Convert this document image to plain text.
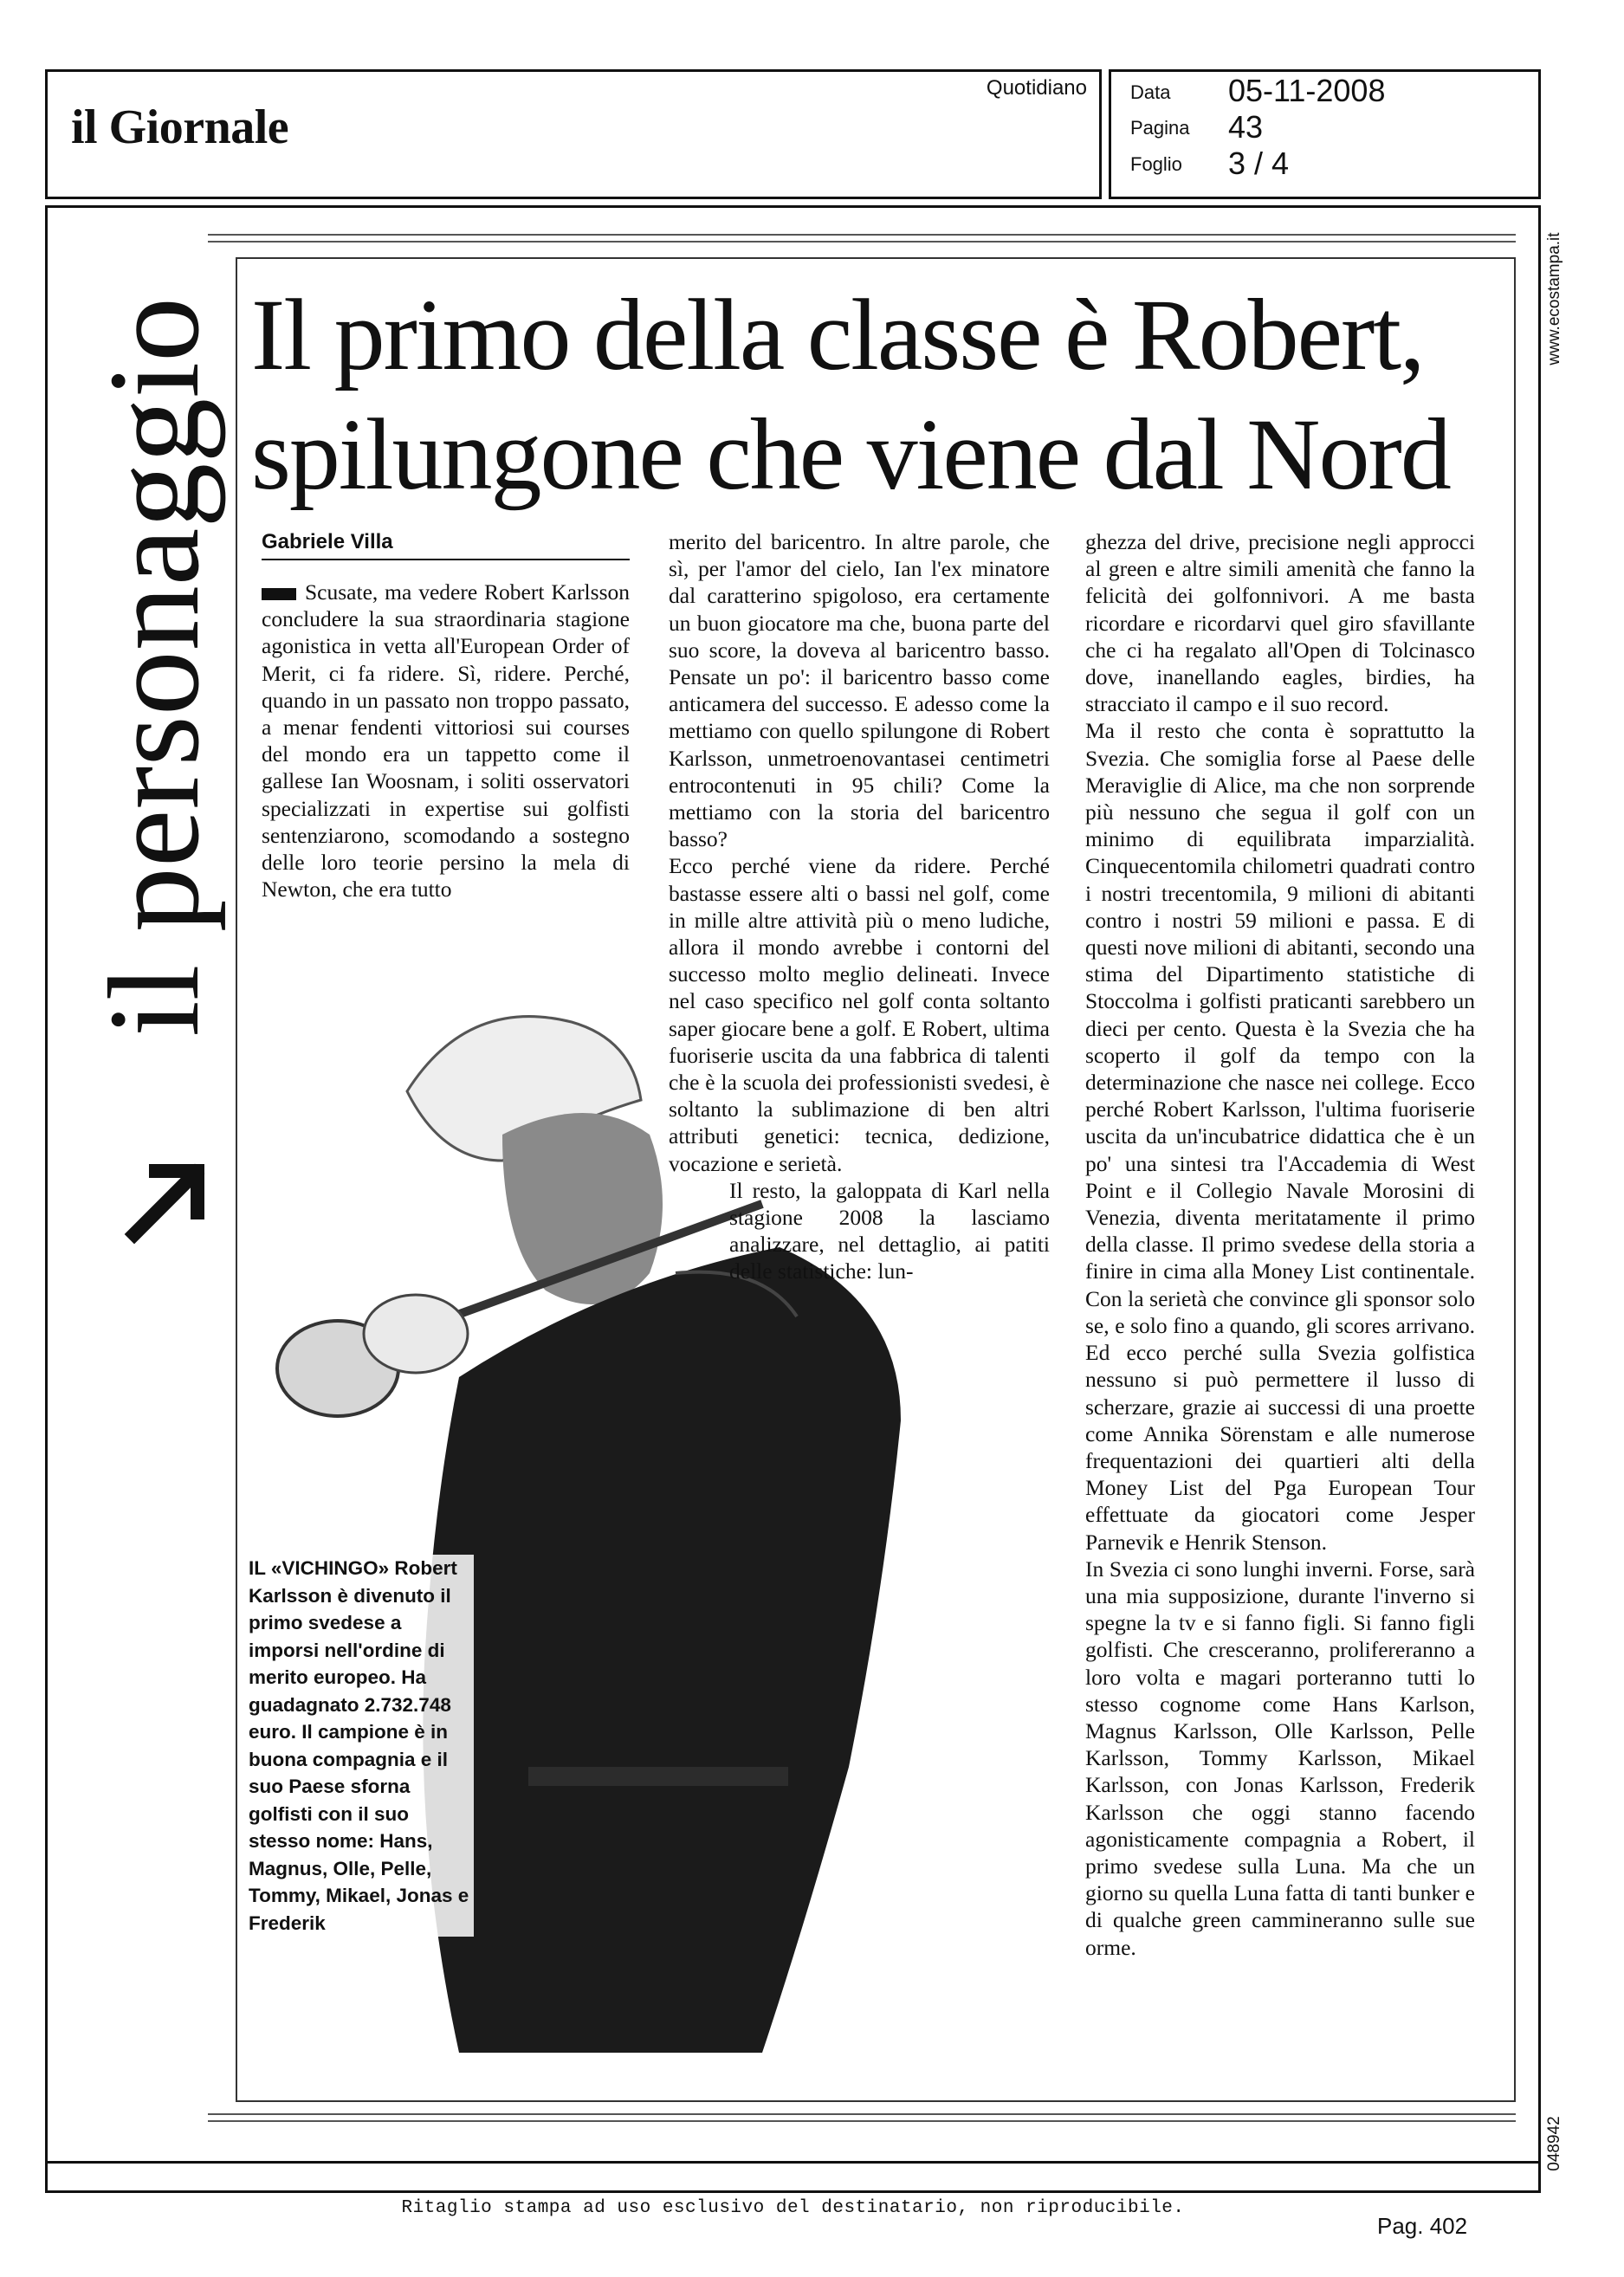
il Giornale
Quotidiano Data 05-11-2008
Pagina 43
Foglio 3 / 4
il personaggio	www.ecostampa.it
048942
Il primo della classe è Robert,
spilungone che viene dal Nord
Gabriele Villa

Scusate, ma vedere Robert Karlsson concludere la sua straordinaria stagione agonistica in vetta all'European Order of Merit, ci fa ridere. Sì, ridere. Perché, quando in un passato non troppo passato, a menar fendenti vittoriosi sui courses del mondo era un tappetto come il gallese Ian Woosnam, i soliti osservatori specializzati in expertise sui golfisti sentenziarono, scomodando a sostegno delle loro teorie persino la mela di Newton, che era tutto

merito del baricentro. In altre parole, che sì, per l'amor del cielo, Ian l'ex minatore dal caratterino spigoloso, era certamente un buon giocatore ma che, buona parte del suo score, la doveva al baricentro basso. Pensate un po': il baricentro basso come anticamera del successo. E adesso come la mettiamo con quello spilungone di Robert Karlsson, unmetroenovantasei centimetri entrocontenuti in 95 chili? Come la mettiamo con la storia del baricentro basso?

Ecco perché viene da ridere. Perché bastasse essere alti o bassi nel golf, come in mille altre attività più o meno ludiche, allora il mondo avrebbe i contorni del successo molto meglio delineati. Invece nel caso specifico nel golf conta soltanto saper giocare bene a golf. E Robert, ultima fuoriserie uscita da una fabbrica di talenti che è la scuola dei professionisti svedesi, è soltanto la sublimazione di ben altri attributi genetici: tecnica, dedizione, vocazione e serietà.

Il resto, la galoppata di Karl nella stagione 2008 la lasciamo analizzare, nel dettaglio, ai patiti delle statistiche: lun-

ghezza del drive, precisione negli approcci al green e altre simili amenità che fanno la felicità dei golfonnivori. A me basta ricordare e ricordarvi quel giro sfavillante che ci ha regalato all'Open di Tolcinasco dove, inanellando eagles, birdies, ha stracciato il campo e il suo record.

Ma il resto che conta è soprattutto la Svezia. Che somiglia forse al Paese delle Meraviglie di Alice, ma che non sorprende più nessuno che segua il golf con un minimo di equilibrata imparzialità. Cinquecentomila chilometri quadrati contro i nostri trecentomila, 9 milioni di abitanti contro i nostri 59 milioni e passa. E di questi nove milioni di abitanti, secondo una stima del Dipartimento statistiche di Stoccolma i golfisti praticanti sarebbero un dieci per cento. Questa è la Svezia che ha scoperto il golf da tempo con la determinazione che nasce nei college. Ecco perché Robert Karlsson, l'ultima fuoriserie uscita da un'incubatrice didattica che è un po' una sintesi tra l'Accademia di West Point e il Collegio Navale Morosini di Venezia, diventa meritatamente il primo della classe. Il primo svedese della storia a finire in cima alla Money List continentale. Con la serietà che convince gli sponsor solo se, e solo fino a quando, gli scores arrivano. Ed ecco perché sulla Svezia golfistica nessuno si può permettere il lusso di scherzare, grazie ai successi di una proette come Annika Sörenstam e alle numerose frequentazioni dei quartieri alti della Money List del Pga European Tour effettuate da giocatori come Jesper Parnevik e Henrik Stenson.

In Svezia ci sono lunghi inverni. Forse, sarà una mia supposizione, durante l'inverno si spegne la tv e si fanno figli. Si fanno figli golfisti. Che cresceranno, prolifereranno a loro volta e magari porteranno tutti lo stesso cognome come Hans Karlson, Magnus Karlsson, Olle Karlsson, Pelle Karlsson, Tommy Karlsson, Mikael Karlsson, con Jonas Karlsson, Frederik Karlsson che oggi stanno facendo agonisticamente compagnia a Robert, il primo svedese sulla Luna. Ma che un giorno su quella Luna fatta di tanti bunker e di qualche green cammineranno sulle sue orme.

IL «VICHINGO» Robert Karlsson è divenuto il primo svedese a imporsi nell'ordine di merito europeo. Ha guadagnato 2.732.748 euro. Il campione è in buona compagnia e il suo Paese sforna golfisti con il suo stesso nome: Hans, Magnus, Olle, Pelle, Tommy, Mikael, Jonas e Frederik
Ritaglio stampa ad uso esclusivo del destinatario, non riproducibile.
Pag. 402
